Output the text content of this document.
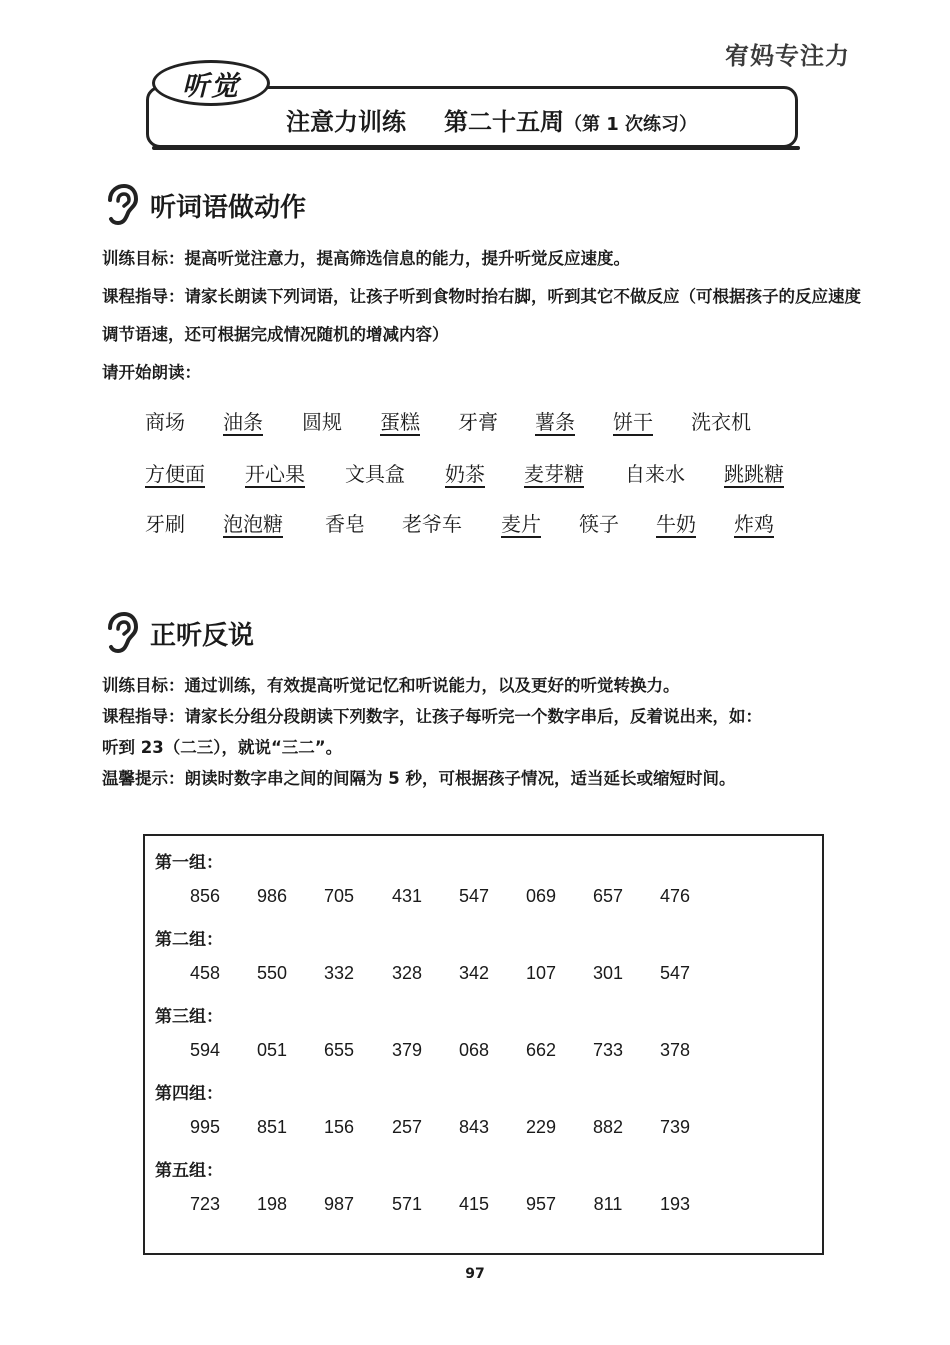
宥妈专注力
听觉
注意力训练 第二十五周（第 1 次练习）
听词语做动作

训练目标：提高听觉注意力，提高筛选信息的能力，提升听觉反应速度。

课程指导：请家长朗读下列词语，让孩子听到食物时抬右脚，听到其它不做反应（可根据孩子的反应速度调节语速，还可根据完成情况随机的增减内容）

请开始朗读：

商场 油条 圆规 蛋糕 牙膏 薯条 饼干 洗衣机
方便面 开心果 文具盒 奶茶 麦芽糖 自来水 跳跳糖
牙刷 泡泡糖 香皂 老爷车 麦片 筷子 牛奶 炸鸡
正听反说

训练目标：通过训练，有效提高听觉记忆和听说能力，以及更好的听觉转换力。

课程指导：请家长分组分段朗读下列数字，让孩子每听完一个数字串后，反着说出来，如：

听到 23（二三），就说“三二”。

温馨提示：朗读时数字串之间的间隔为 5 秒，可根据孩子情况，适当延长或缩短时间。

第一组：
856	986	705	431	547	069	657	476
第二组：
458	550	332	328	342	107	301	547
第三组：
594	051	655	379	068	662	733	378
第四组：
995	851	156	257	843	229	882	739
第五组：
723	198	987	571	415	957	811	193
97
